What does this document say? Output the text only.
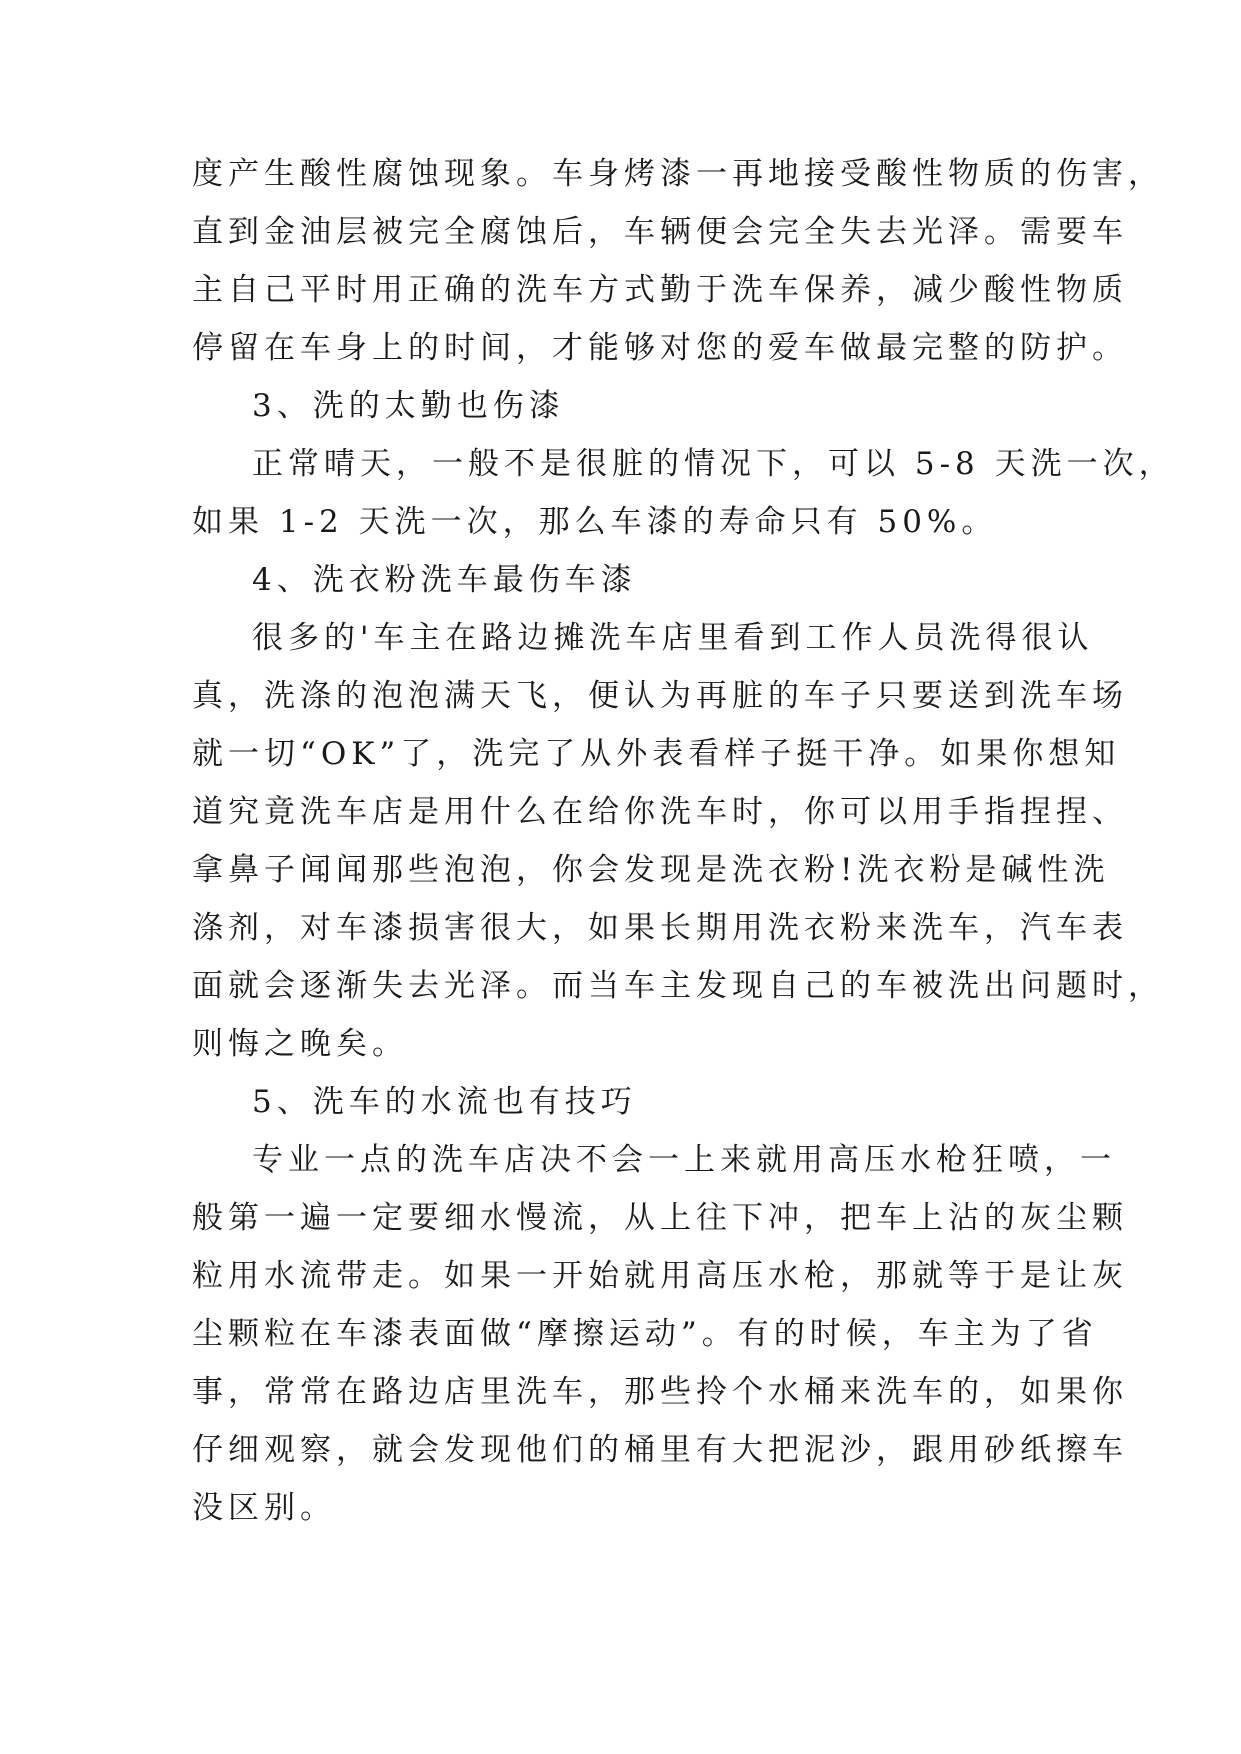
度产生酸性腐蚀现象。车身烤漆一再地接受酸性物质的伤害，
直到金油层被完全腐蚀后，车辆便会完全失去光泽。需要车
主自己平时用正确的洗车方式勤于洗车保养，减少酸性物质
停留在车身上的时间，才能够对您的爱车做最完整的防护。
3、洗的太勤也伤漆
正常晴天，一般不是很脏的情况下，可以 5-8 天洗一次，
如果 1-2 天洗一次，那么车漆的寿命只有 50%。
4、洗衣粉洗车最伤车漆
很多的'车主在路边摊洗车店里看到工作人员洗得很认
真，洗涤的泡泡满天飞，便认为再脏的车子只要送到洗车场
就一切“OK”了，洗完了从外表看样子挺干净。如果你想知
道究竟洗车店是用什么在给你洗车时，你可以用手指捏捏、
拿鼻子闻闻那些泡泡，你会发现是洗衣粉!洗衣粉是碱性洗
涤剂，对车漆损害很大，如果长期用洗衣粉来洗车，汽车表
面就会逐渐失去光泽。而当车主发现自己的车被洗出问题时，
则悔之晚矣。
5、洗车的水流也有技巧
专业一点的洗车店决不会一上来就用高压水枪狂喷，一
般第一遍一定要细水慢流，从上往下冲，把车上沾的灰尘颗
粒用水流带走。如果一开始就用高压水枪，那就等于是让灰
尘颗粒在车漆表面做“摩擦运动”。有的时候，车主为了省
事，常常在路边店里洗车，那些拎个水桶来洗车的，如果你
仔细观察，就会发现他们的桶里有大把泥沙，跟用砂纸擦车
没区别。
